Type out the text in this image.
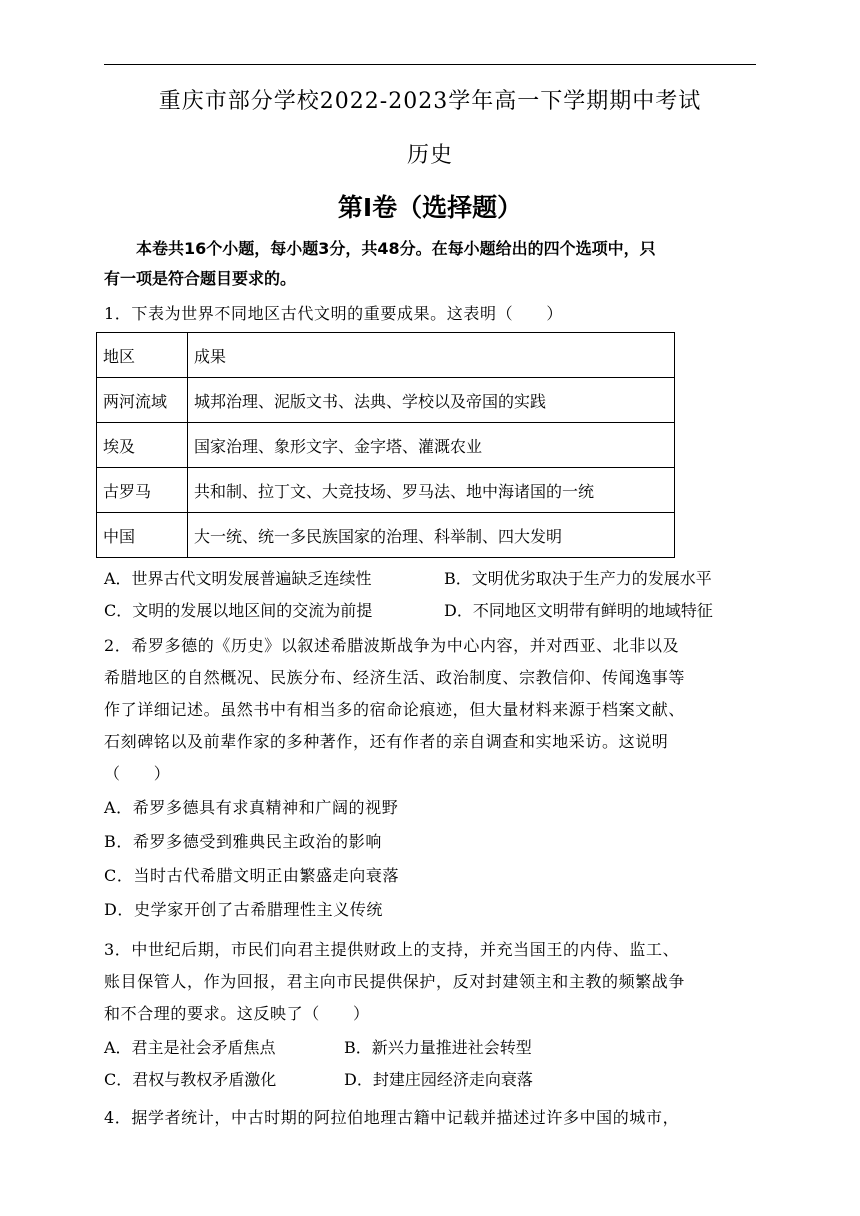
重庆市部分学校2022-2023学年高一下学期期中考试
历史
第Ⅰ卷（选择题）
本卷共16个小题，每小题3分，共48分。在每小题给出的四个选项中，只
有一项是符合题目要求的。
1．下表为世界不同地区古代文明的重要成果。这表明（　　）
地区	成果
两河流域	城邦治理、泥版文书、法典、学校以及帝国的实践
埃及	国家治理、象形文字、金字塔、灌溉农业
古罗马	共和制、拉丁文、大竞技场、罗马法、地中海诸国的一统
中国	大一统、统一多民族国家的治理、科举制、四大发明
A．世界古代文明发展普遍缺乏连续性	B．文明优劣取决于生产力的发展水平
C．文明的发展以地区间的交流为前提	D．不同地区文明带有鲜明的地域特征
2．希罗多德的《历史》以叙述希腊波斯战争为中心内容，并对西亚、北非以及
希腊地区的自然概况、民族分布、经济生活、政治制度、宗教信仰、传闻逸事等
作了详细记述。虽然书中有相当多的宿命论痕迹，但大量材料来源于档案文献、
石刻碑铭以及前辈作家的多种著作，还有作者的亲自调查和实地采访。这说明
（　　）
A．希罗多德具有求真精神和广阔的视野
B．希罗多德受到雅典民主政治的影响
C．当时古代希腊文明正由繁盛走向衰落
D．史学家开创了古希腊理性主义传统
3．中世纪后期，市民们向君主提供财政上的支持，并充当国王的内侍、监工、
账目保管人，作为回报，君主向市民提供保护，反对封建领主和主教的频繁战争
和不合理的要求。这反映了（　　）
A．君主是社会矛盾焦点	B．新兴力量推进社会转型
C．君权与教权矛盾激化	D．封建庄园经济走向衰落
4．据学者统计，中古时期的阿拉伯地理古籍中记载并描述过许多中国的城市，
